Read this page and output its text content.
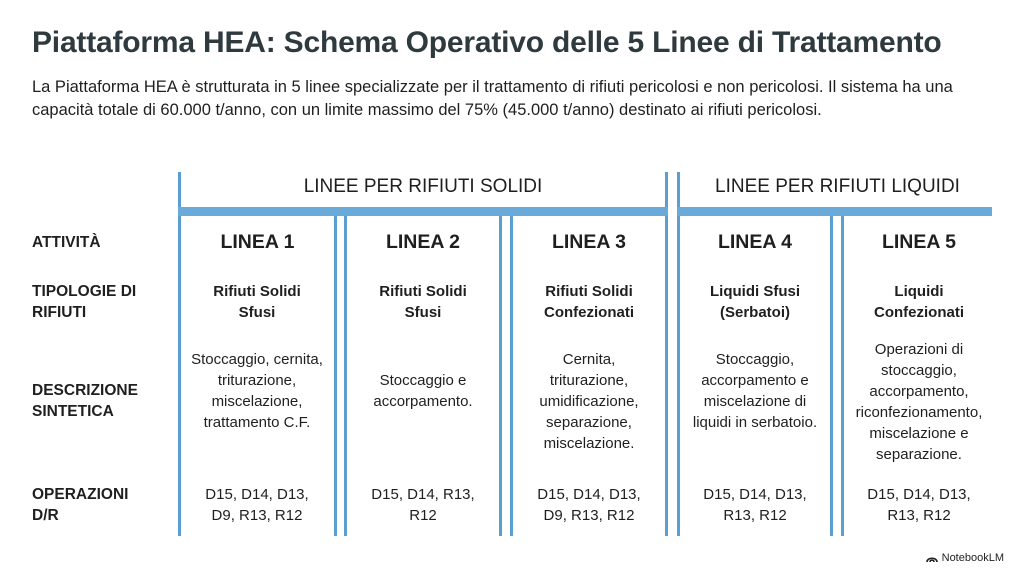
Piattaforma HEA: Schema Operativo delle 5 Linee di Trattamento

La Piattaforma HEA è strutturata in 5 linee specializzate per il trattamento di rifiuti pericolosi e non pericolosi. Il sistema ha una capacità totale di 60.000 t/anno, con un limite massimo del 75% (45.000 t/anno) destinato ai rifiuti pericolosi.

LINEE PER RIFIUTI SOLIDI	LINEE PER RIFIUTI LIQUIDI
ATTIVITÀ
TIPOLOGIE DI RIFIUTI
DESCRIZIONE SINTETICA
OPERAZIONI D/R
LINEA 1
Rifiuti Solidi Sfusi
Stoccaggio, cernita, triturazione, miscelazione, trattamento C.F.
D15, D14, D13, D9, R13, R12
LINEA 2
Rifiuti Solidi Sfusi
Stoccaggio e accorpamento.
D15, D14, R13, R12
LINEA 3
Rifiuti Solidi Confezionati
Cernita, triturazione, umidificazione, separazione, miscelazione.
D15, D14, D13, D9, R13, R12
LINEA 4
Liquidi Sfusi (Serbatoi)
Stoccaggio, accorpamento e miscelazione di liquidi in serbatoio.
D15, D14, D13, R13, R12
LINEA 5
Liquidi Confezionati
Operazioni di stoccaggio, accorpamento, riconfezionamento, miscelazione e separazione.
D15, D14, D13, R13, R12
NotebookLM
